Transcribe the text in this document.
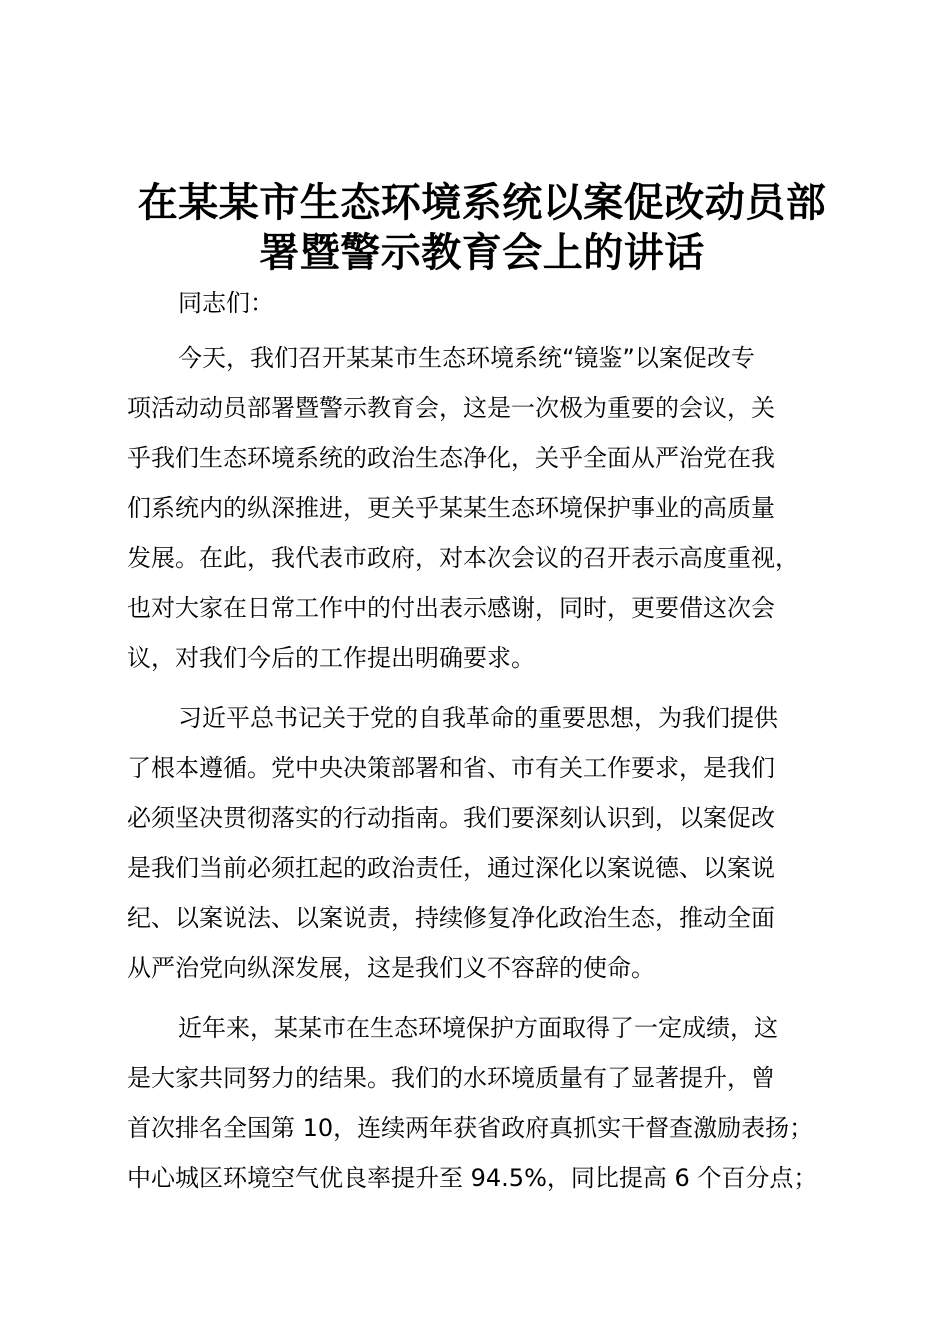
在某某市生态环境系统以案促改动员部
署暨警示教育会上的讲话

同志们：

今天，我们召开某某市生态环境系统“镜鉴”以案促改专
项活动动员部署暨警示教育会，这是一次极为重要的会议，关
乎我们生态环境系统的政治生态净化，关乎全面从严治党在我
们系统内的纵深推进，更关乎某某生态环境保护事业的高质量
发展。在此，我代表市政府，对本次会议的召开表示高度重视，
也对大家在日常工作中的付出表示感谢，同时，更要借这次会
议，对我们今后的工作提出明确要求。
习近平总书记关于党的自我革命的重要思想，为我们提供
了根本遵循。党中央决策部署和省、市有关工作要求，是我们
必须坚决贯彻落实的行动指南。我们要深刻认识到，以案促改
是我们当前必须扛起的政治责任，通过深化以案说德、以案说
纪、以案说法、以案说责，持续修复净化政治生态，推动全面
从严治党向纵深发展，这是我们义不容辞的使命。
近年来，某某市在生态环境保护方面取得了一定成绩，这
是大家共同努力的结果。我们的水环境质量有了显著提升，曾
首次排名全国第 10，连续两年获省政府真抓实干督查激励表扬；
中心城区环境空气优良率提升至 94.5%，同比提高 6 个百分点；
